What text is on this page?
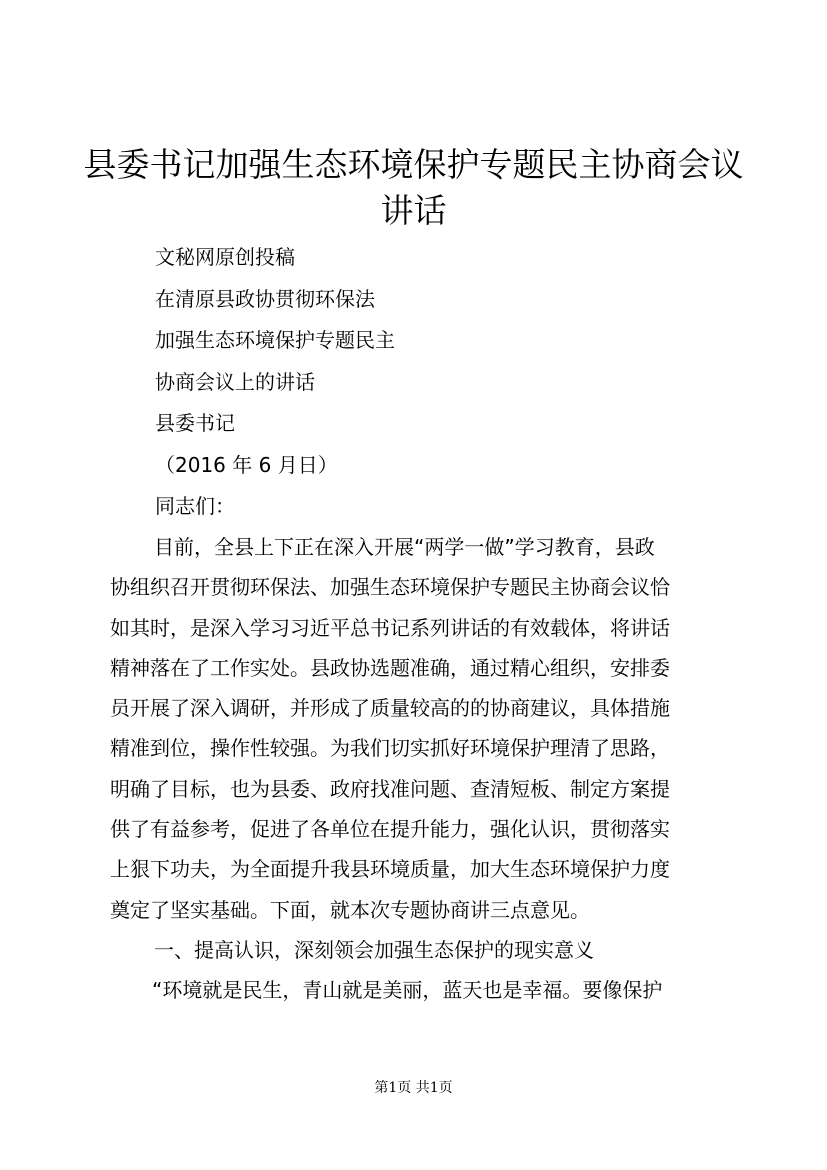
县委书记加强生态环境保护专题民主协商会议
讲话
文秘网原创投稿
在清原县政协贯彻环保法
加强生态环境保护专题民主
协商会议上的讲话
县委书记
（2016 年 6 月日）
同志们：
目前，全县上下正在深入开展“两学一做”学习教育，县政
协组织召开贯彻环保法、加强生态环境保护专题民主协商会议恰
如其时，是深入学习习近平总书记系列讲话的有效载体，将讲话
精神落在了工作实处。县政协选题准确，通过精心组织，安排委
员开展了深入调研，并形成了质量较高的的协商建议，具体措施
精准到位，操作性较强。为我们切实抓好环境保护理清了思路，
明确了目标，也为县委、政府找准问题、查清短板、制定方案提
供了有益参考，促进了各单位在提升能力，强化认识，贯彻落实
上狠下功夫，为全面提升我县环境质量，加大生态环境保护力度
奠定了坚实基础。下面，就本次专题协商讲三点意见。
一、提高认识，深刻领会加强生态保护的现实意义
“环境就是民生，青山就是美丽，蓝天也是幸福。要像保护
第1页 共1页
